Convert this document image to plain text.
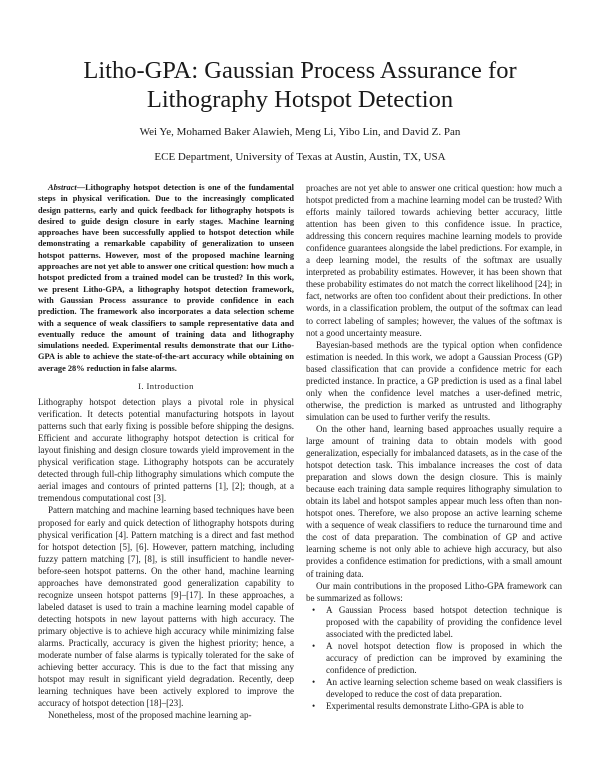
Litho-GPA: Gaussian Process Assurance for
Lithography Hotspot Detection
Wei Ye, Mohamed Baker Alawieh, Meng Li, Yibo Lin, and David Z. Pan
ECE Department, University of Texas at Austin, Austin, TX, USA

Abstract—Lithography hotspot detection is one of the fundamental steps in physical verification. Due to the increasingly complicated design patterns, early and quick feedback for lithography hotspots is desired to guide design closure in early stages. Machine learning approaches have been successfully applied to hotspot detection while demonstrating a remarkable capability of generalization to unseen hotspot patterns. However, most of the proposed machine learning approaches are not yet able to answer one critical question: how much a hotspot predicted from a trained model can be trusted? In this work, we present Litho-GPA, a lithography hotspot detection framework, with Gaussian Process assurance to provide confidence in each prediction. The framework also incorporates a data selection scheme with a sequence of weak classifiers to sample representative data and eventually reduce the amount of training data and lithography simulations needed. Experimental results demonstrate that our Litho-GPA is able to achieve the state-of-the-art accuracy while obtaining on average 28% reduction in false alarms.

I. Introduction

Lithography hotspot detection plays a pivotal role in physical verification. It detects potential manufacturing hotspots in layout patterns such that early fixing is possible before shipping the designs. Efficient and accurate lithography hotspot detection is critical for layout finishing and design closure towards yield improvement in the physical verification stage. Lithography hotspots can be accurately detected through full-chip lithography simulations which compute the aerial images and contours of printed patterns [1], [2]; though, at a tremendous computational cost [3].

Pattern matching and machine learning based techniques have been proposed for early and quick detection of lithography hotspots during physical verification [4]. Pattern matching is a direct and fast method for hotspot detection [5], [6]. However, pattern matching, including fuzzy pattern matching [7], [8], is still insufficient to handle never-before-seen hotspot patterns. On the other hand, machine learning approaches have demonstrated good generalization capability to recognize unseen hotspot patterns [9]–[17]. In these approaches, a labeled dataset is used to train a machine learning model capable of detecting hotspots in new layout patterns with high accuracy. The primary objective is to achieve high accuracy while minimizing false alarms. Practically, accuracy is given the highest priority; hence, a moderate number of false alarms is typically tolerated for the sake of achieving better accuracy. This is due to the fact that missing any hotspot may result in significant yield degradation. Recently, deep learning techniques have been actively explored to improve the accuracy of hotspot detection [18]–[23].

Nonetheless, most of the proposed machine learning ap-

proaches are not yet able to answer one critical question: how much a hotspot predicted from a machine learning model can be trusted? With efforts mainly tailored towards achieving better accuracy, little attention has been given to this confidence issue. In practice, addressing this concern requires machine learning models to provide confidence guarantees alongside the label predictions. For example, in a deep learning model, the results of the softmax are usually interpreted as probability estimates. However, it has been shown that these probability estimates do not match the correct likelihood [24]; in fact, networks are often too confident about their predictions. In other words, in a classification problem, the output of the softmax can lead to correct labeling of samples; however, the values of the softmax is not a good uncertainty measure.

Bayesian-based methods are the typical option when confidence estimation is needed. In this work, we adopt a Gaussian Process (GP) based classification that can provide a confidence metric for each predicted instance. In practice, a GP prediction is used as a final label only when the confidence level matches a user-defined metric, otherwise, the prediction is marked as untrusted and lithography simulation can be used to further verify the results.

On the other hand, learning based approaches usually require a large amount of training data to obtain models with good generalization, especially for imbalanced datasets, as in the case of the hotspot detection task. This imbalance increases the cost of data preparation and slows down the design closure. This is mainly because each training data sample requires lithography simulation to obtain its label and hotspot samples appear much less often than non-hotspot ones. Therefore, we also propose an active learning scheme with a sequence of weak classifiers to reduce the turnaround time and the cost of data preparation. The combination of GP and active learning scheme is not only able to achieve high accuracy, but also provides a confidence estimation for predictions, with a small amount of training data.

Our main contributions in the proposed Litho-GPA framework can be summarized as follows:

• A Gaussian Process based hotspot detection technique is proposed with the capability of providing the confidence level associated with the predicted label.
• A novel hotspot detection flow is proposed in which the accuracy of prediction can be improved by examining the confidence of prediction.
• An active learning selection scheme based on weak classifiers is developed to reduce the cost of data preparation.
• Experimental results demonstrate Litho-GPA is able to
